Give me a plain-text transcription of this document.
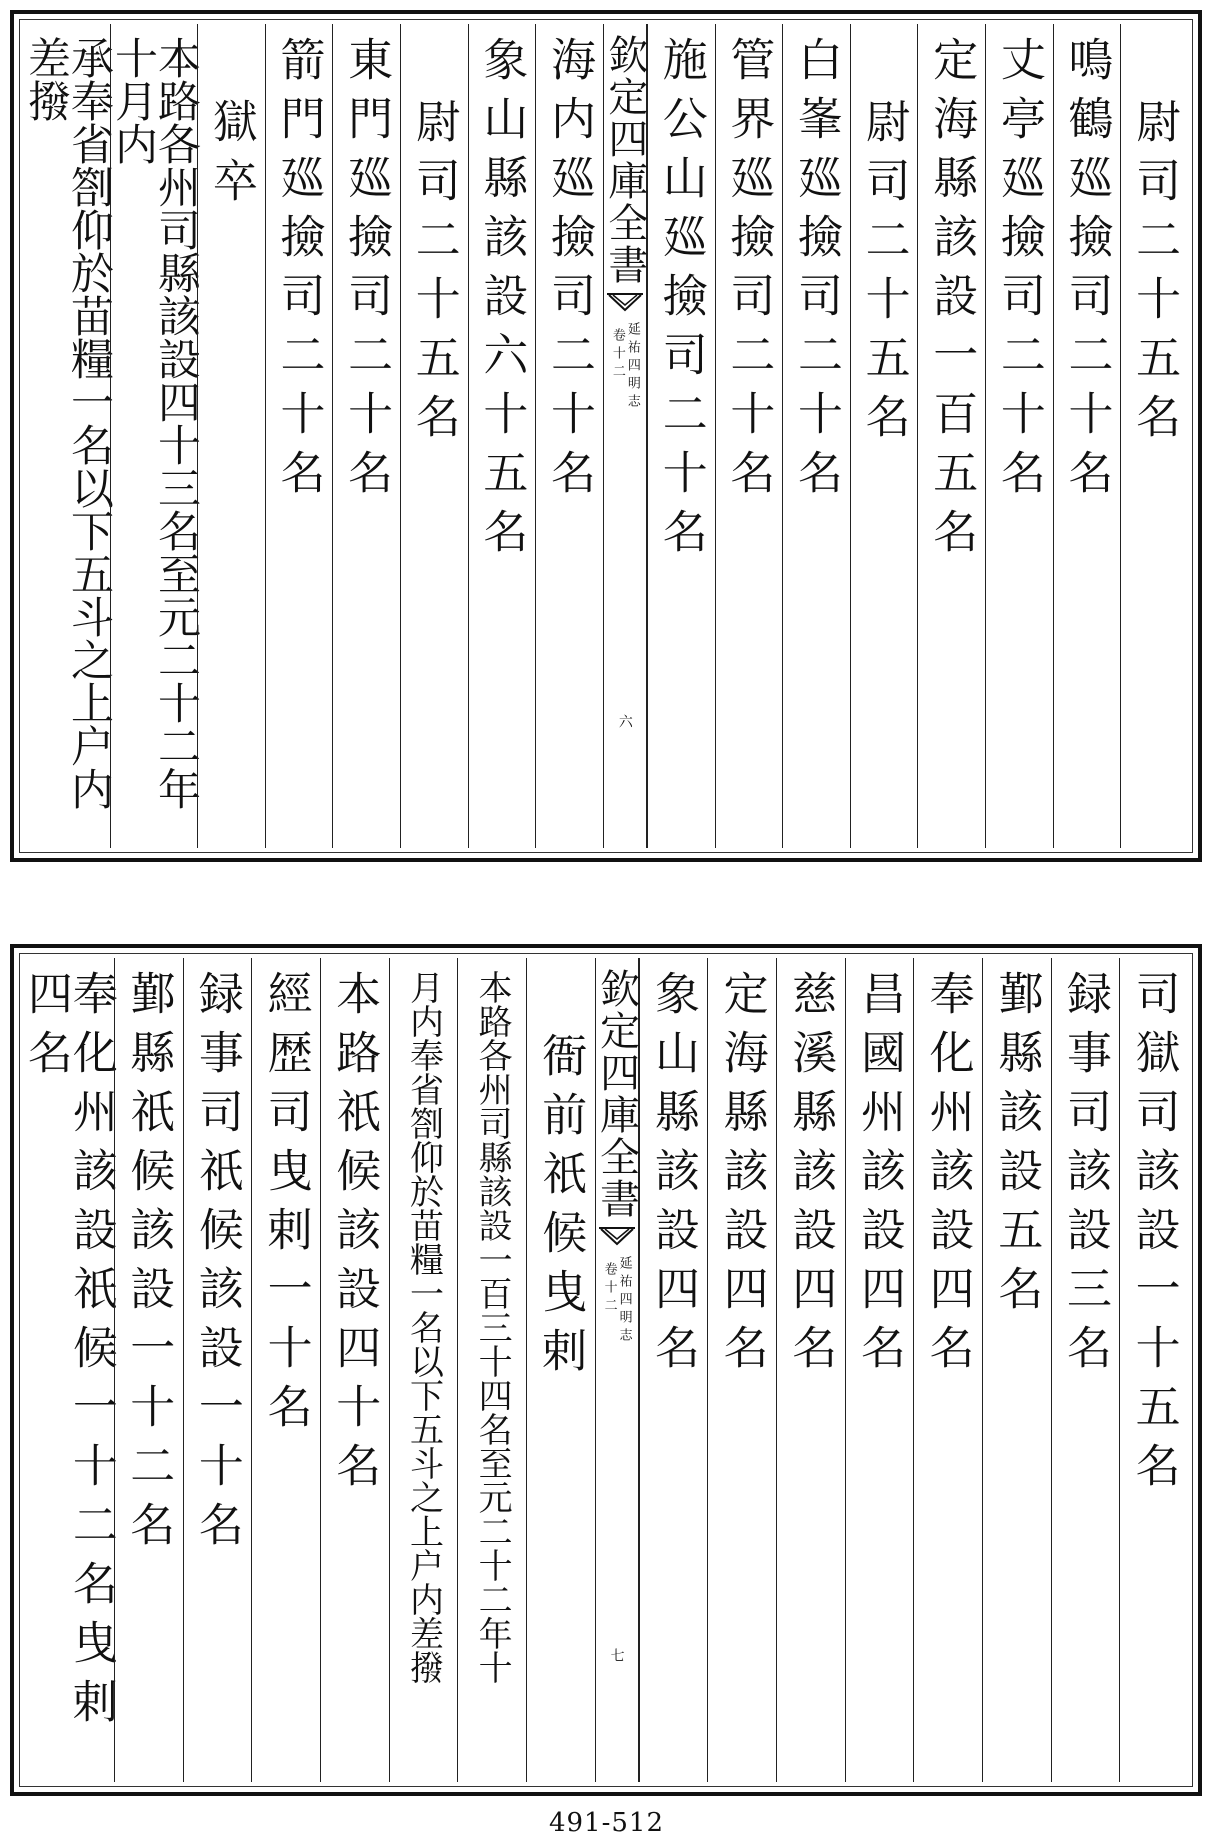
尉司二十五名
鳴鶴廵撿司二十名
丈亭廵撿司二十名
定海縣該設一百五名
尉司二十五名
白峯廵撿司二十名
管界廵撿司二十名
施公山廵撿司二十名
欽定四庫全書
延祐四明志
卷十二
六
海内廵撿司二十名
象山縣該設六十五名
尉司二十五名
東門廵撿司二十名
箭門廵撿司二十名
獄卒
本路各州司縣該設四十三名至元二十二年十月内
承奉省劄仰於苗糧一名以下五斗之上户内差撥
司獄司該設一十五名
録事司該設三名
鄞縣該設五名
奉化州該設四名
昌國州該設四名
慈溪縣該設四名
定海縣該設四名
象山縣該設四名
欽定四庫全書
延祐四明志
卷十二
七
衙前祇候曳剌
本路各州司縣該設一百三十四名至元二十二年十
月内奉省劄仰於苗糧一名以下五斗之上户内差撥
本路祇候該設四十名
經歴司曳剌一十名
録事司祇候該設一十名
鄞縣祇候該設一十二名
奉化州該設祇候一十二名曳剌四名
491-512
